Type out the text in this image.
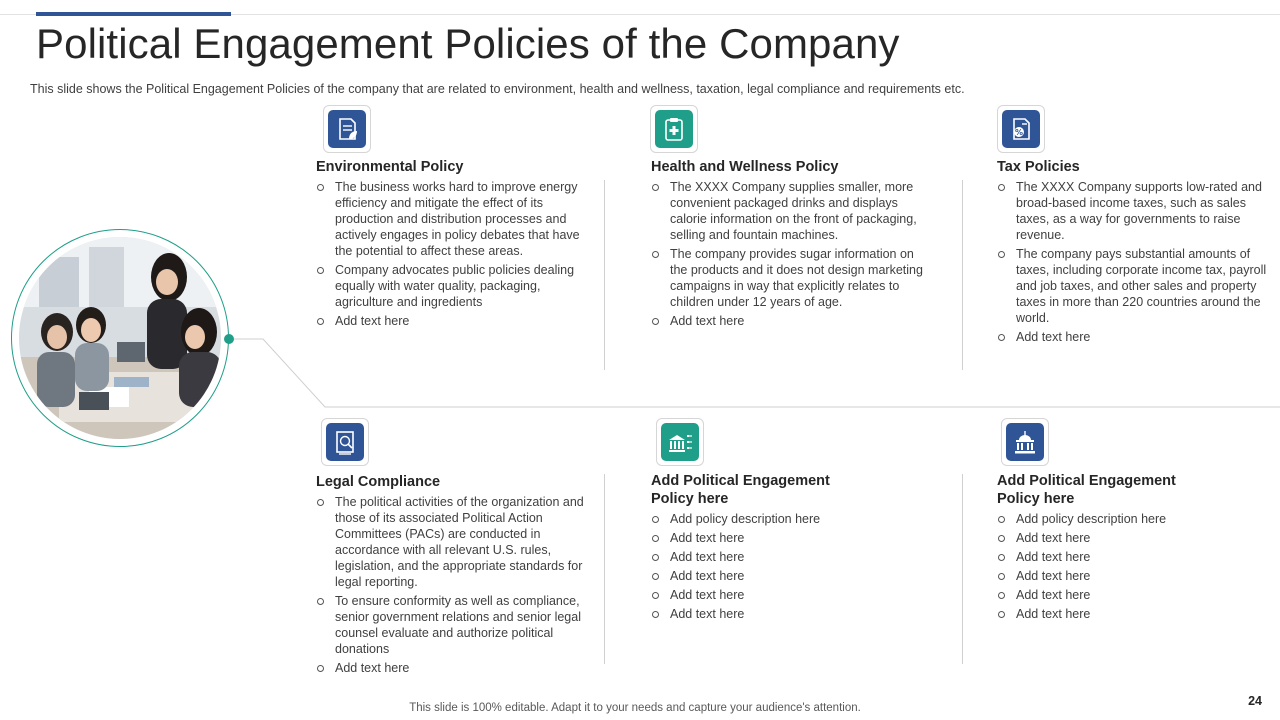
Political Engagement Policies of the Company

This slide shows the Political Engagement Policies of the company that are related to environment, health and wellness, taxation, legal compliance and requirements etc.

Environmental Policy
The business works hard to improve energy efficiency and mitigate the effect of its production and distribution processes and actively engages in policy debates that have the potential to affect these areas.
Company advocates public policies dealing equally with water quality, packaging, agriculture and ingredients
Add text here
Health and Wellness Policy
The XXXX Company supplies smaller, more convenient packaged drinks and displays calorie information on the front of packaging, selling and fountain machines.
The company provides sugar information on the products and it does not design marketing campaigns in way that explicitly relates to children under 12 years of age.
Add text here
%
Tax Policies
The XXXX Company supports low-rated and broad-based income taxes, such as sales taxes, as a way for governments to raise revenue.
The company pays substantial amounts of taxes, including corporate income tax, payroll and job taxes, and other sales and property taxes in more than 220 countries around the world.
Add text here
Legal Compliance
The political activities of the organization and those of its associated Political Action Committees (PACs) are conducted in accordance with all relevant U.S. rules, legislation, and the appropriate standards for legal reporting.
To ensure conformity as well as compliance, senior government relations and senior legal counsel evaluate and authorize political donations
Add text here
Add Political Engagement Policy here
Add policy description here
Add text here
Add text here
Add text here
Add text here
Add text here
Add Political Engagement Policy here
Add policy description here
Add text here
Add text here
Add text here
Add text here
Add text here
This slide is 100% editable. Adapt it to your needs and capture your audience's attention.	24
